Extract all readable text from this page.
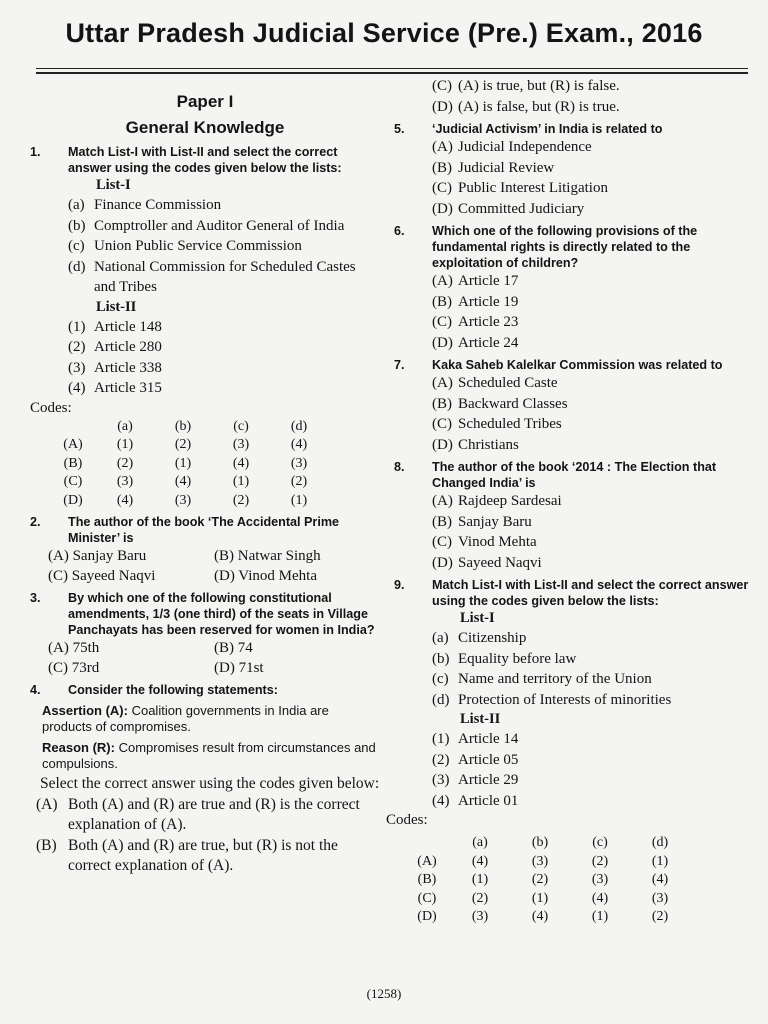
Uttar Pradesh Judicial Service (Pre.) Exam., 2016
Paper I
General Knowledge
1.	Match List-I with List-II and select the correct answer using the codes given below the lists:
List-I
(a) Finance Commission
(b) Comptroller and Auditor General of India
(c) Union Public Service Commission
(d) National Commission for Scheduled Castes and Tribes
List-II
(1) Article 148
(2) Article 280
(3) Article 338
(4) Article 315
Codes:
	(a)	(b)	(c)	(d)
(A)	(1)	(2)	(3)	(4)
(B)	(2)	(1)	(4)	(3)
(C)	(3)	(4)	(1)	(2)
(D)	(4)	(3)	(2)	(1)
2.	The author of the book ‘The Accidental Prime Minister’ is
(A) Sanjay Baru	(B) Natwar Singh
(C) Sayeed Naqvi	(D) Vinod Mehta
3.	By which one of the following constitutional amendments, 1/3 (one third) of the seats in Village Panchayats has been reserved for women in India?
(A) 75th	(B) 74
(C) 73rd	(D) 71st
4.	Consider the following statements:
Assertion (A): Coalition governments in India are products of compromises.
Reason (R): Compromises result from circumstances and compulsions.
Select the correct answer using the codes given below:
(A) Both (A) and (R) are true and (R) is the correct explanation of (A).
(B) Both (A) and (R) are true, but (R) is not the correct explanation of (A).
(C) (A) is true, but (R) is false.
(D) (A) is false, but (R) is true.
5.	‘Judicial Activism’ in India is related to
(A) Judicial Independence
(B) Judicial Review
(C) Public Interest Litigation
(D) Committed Judiciary
6.	Which one of the following provisions of the fundamental rights is directly related to the exploitation of children?
(A) Article 17
(B) Article 19
(C) Article 23
(D) Article 24
7.	Kaka Saheb Kalelkar Commission was related to
(A) Scheduled Caste
(B) Backward Classes
(C) Scheduled Tribes
(D) Christians
8.	The author of the book ‘2014 : The Election that Changed India’ is
(A) Rajdeep Sardesai
(B) Sanjay Baru
(C) Vinod Mehta
(D) Sayeed Naqvi
9.	Match List-I with List-II and select the correct answer using the codes given below the lists:
List-I
(a) Citizenship
(b) Equality before law
(c) Name and territory of the Union
(d) Protection of Interests of minorities
List-II
(1) Article 14
(2) Article 05
(3) Article 29
(4) Article 01
Codes:
	(a)	(b)	(c)	(d)
(A)	(4)	(3)	(2)	(1)
(B)	(1)	(2)	(3)	(4)
(C)	(2)	(1)	(4)	(3)
(D)	(3)	(4)	(1)	(2)
(1258)
